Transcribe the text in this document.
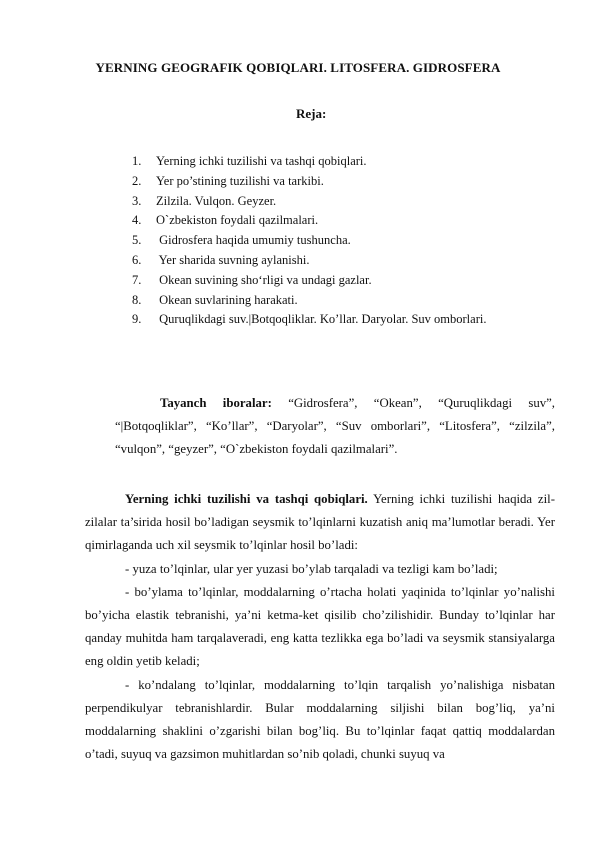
YERNING GEOGRAFIK QOBIQLARI. LITOSFERA. GIDROSFERA
Reja:
1. Yerning ichki tuzilishi va tashqi qobiqlari.
2. Yer po’stining tuzilishi va tarkibi.
3. Zilzila. Vulqon. Geyzer.
4. O`zbekiston foydali qazilmalari.
5. Gidrosfera haqida umumiy tushuncha.
6. Yer sharida suvning aylanishi.
7. Okean suvining sho‘rligi va undagi gazlar.
8. Okean suvlarining harakati.
9. Quruqlikdagi suv.|Botqoqliklar. Ko’llar. Daryolar. Suv omborlari.
Tayanch iboralar: “Gidrosfera”, “Okean”, “Quruqlikdagi suv”, “|Botqoqliklar”, “Ko’llar”, “Daryolar”, “Suv omborlari”, “Litosfera”, “zilzila”, “vulqon”, “geyzer”, “O`zbekiston foydali qazilmalari”.

Yerning ichki tuzilishi va tashqi qobiqlari. Yerning ichki tuzilishi haqida zil-zilalar ta’sirida hosil bo’ladigan seysmik to’lqinlarni kuzatish aniq ma’lumotlar beradi. Yer qimirlaganda uch xil seysmik to’lqinlar hosil bo’ladi:

- yuza to’lqinlar, ular yer yuzasi bo’ylab tarqaladi va tezligi kam bo’ladi;

- bo’ylama to’lqinlar, moddalarning o’rtacha holati yaqinida to’lqinlar yo’nalishi bo’yicha elastik tebranishi, ya’ni ketma-ket qisilib cho’zilishidir. Bunday to’lqinlar har qanday muhitda ham tarqalaveradi, eng katta tezlikka ega bo’ladi va seysmik stansiyalarga eng oldin yetib keladi;

- ko’ndalang to’lqinlar, moddalarning to’lqin tarqalish yo’nalishiga nisbatan perpendikulyar tebranishlardir. Bular moddalarning siljishi bilan bog’liq, ya’ni moddalarning shaklini o’zgarishi bilan bog’liq. Bu to’lqinlar faqat qattiq moddalardan o’tadi, suyuq va gazsimon muhitlardan so’nib qoladi, chunki suyuq va
